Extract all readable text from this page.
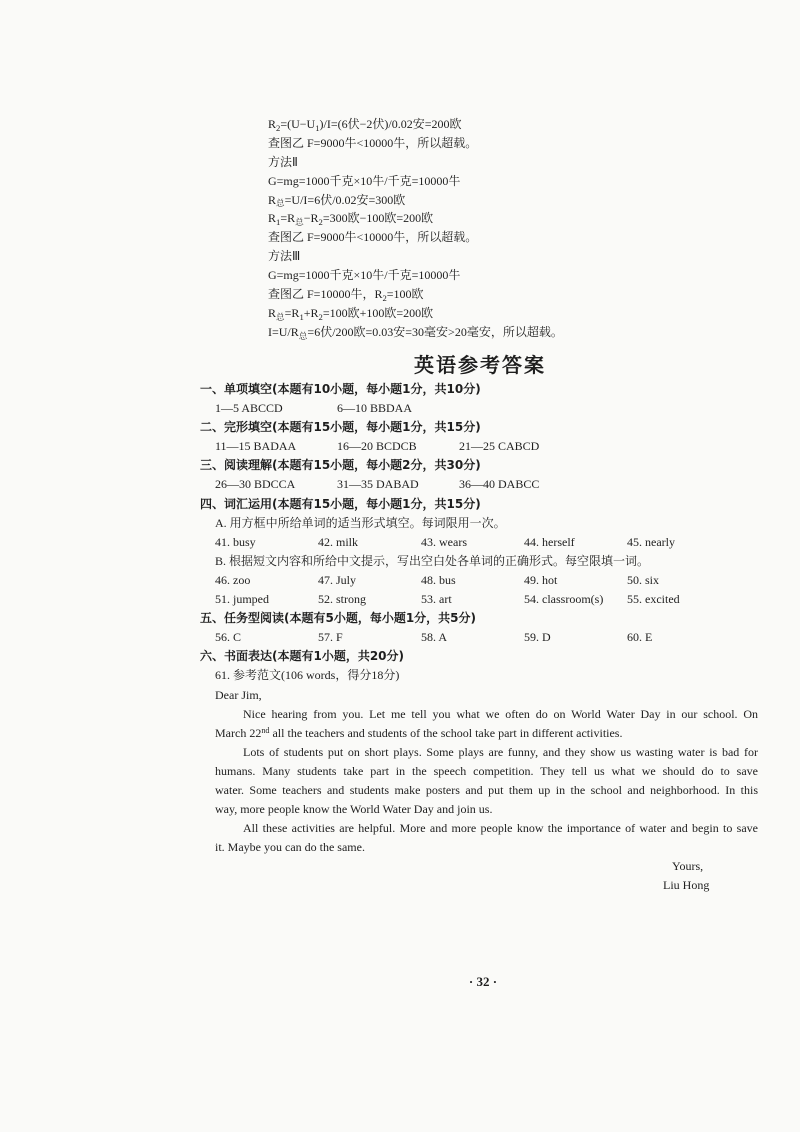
$R_2=(U-U_1)/I=(6$伏−2伏)/0.02安=200欧
查图乙 F=9000牛<10000牛，所以超载。
方法Ⅱ
G=mg=1000千克×10牛/千克=10000牛
$R_总=U/I=6$伏/0.02安=300欧
$R_1=R_总-R_2=300$欧−100欧=200欧
查图乙 F=9000牛<10000牛，所以超载。
方法Ⅲ
G=mg=1000千克×10牛/千克=10000牛
查图乙 F=10000牛，$R_2=100$欧
$R_总=R_1+R_2=100$欧+100欧=200欧
$I=U/R_总=6$伏/200欧=0.03安=30毫安>20毫安，所以超载。
英语参考答案
一、单项填空(本题有10小题，每小题1分，共10分)
1—5 ABCCD	6—10 BBDAA
二、完形填空(本题有15小题，每小题1分，共15分)
11—15 BADAA	16—20 BCDCB	21—25 CABCD
三、阅读理解(本题有15小题，每小题2分，共30分)
26—30 BDCCA	31—35 DABAD	36—40 DABCC
四、词汇运用(本题有15小题，每小题1分，共15分)
A. 用方框中所给单词的适当形式填空。每词限用一次。
41. busy	42. milk	43. wears	44. herself	45. nearly
B. 根据短文内容和所给中文提示，写出空白处各单词的正确形式。每空限填一词。
46. zoo	47. July	48. bus	49. hot	50. six
51. jumped	52. strong	53. art	54. classroom(s)	55. excited
五、任务型阅读(本题有5小题，每小题1分，共5分)
56. C	57. F	58. A	59. D	60. E
六、书面表达(本题有1小题，共20分)
61. 参考范文(106 words，得分18分)
Dear Jim,
Nice hearing from you. Let me tell you what we often do on World Water Day in our school. On
March 22nd all the teachers and students of the school take part in different activities.
Lots of students put on short plays. Some plays are funny, and they show us wasting water is bad for
humans. Many students take part in the speech competition. They tell us what we should do to save
water. Some teachers and students make posters and put them up in the school and neighborhood. In this
way, more people know the World Water Day and join us.
All these activities are helpful. More and more people know the importance of water and begin to save
it. Maybe you can do the same.
Yours,
Liu Hong
· 32 ·
